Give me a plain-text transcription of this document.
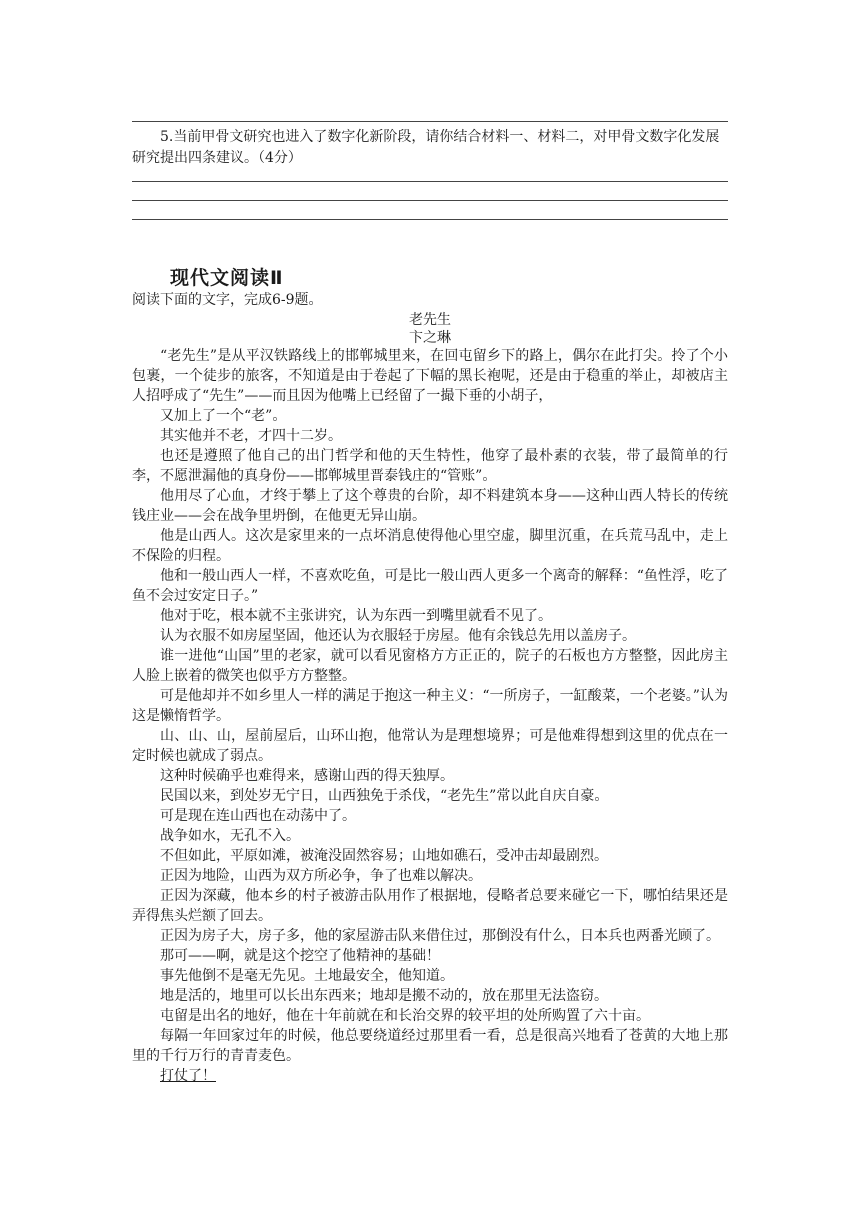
5.当前甲骨文研究也进入了数字化新阶段，请你结合材料一、材料二，对甲骨文数字化发展研究提出四条建议。（4分）

现代文阅读Ⅱ

阅读下面的文字，完成6-9题。

老先生

卞之琳

“老先生”是从平汉铁路线上的邯郸城里来，在回屯留乡下的路上，偶尔在此打尖。拎了个小包裹，一个徒步的旅客，不知道是由于卷起了下幅的黑长袍呢，还是由于稳重的举止，却被店主人招呼成了“先生”——而且因为他嘴上已经留了一撮下垂的小胡子，

又加上了一个“老”。

其实他并不老，才四十二岁。

也还是遵照了他自己的出门哲学和他的天生特性，他穿了最朴素的衣装，带了最简单的行李，不愿泄漏他的真身份——邯郸城里晋泰钱庄的“管账”。

他用尽了心血，才终于攀上了这个尊贵的台阶，却不料建筑本身——这种山西人特长的传统钱庄业——会在战争里坍倒，在他更无异山崩。

他是山西人。这次是家里来的一点坏消息使得他心里空虚，脚里沉重，在兵荒马乱中，走上不保险的归程。

他和一般山西人一样，不喜欢吃鱼，可是比一般山西人更多一个离奇的解释：“鱼性浮，吃了鱼不会过安定日子。”

他对于吃，根本就不主张讲究，认为东西一到嘴里就看不见了。

认为衣服不如房屋坚固，他还认为衣服轻于房屋。他有余钱总先用以盖房子。

谁一进他“山国”里的老家，就可以看见窗格方方正正的，院子的石板也方方整整，因此房主人脸上嵌着的微笑也似乎方方整整。

可是他却并不如乡里人一样的满足于抱这一种主义：“一所房子，一缸酸菜，一个老婆。”认为这是懒惰哲学。

山、山、山，屋前屋后，山环山抱，他常认为是理想境界；可是他难得想到这里的优点在一定时候也就成了弱点。

这种时候确乎也难得来，感谢山西的得天独厚。

民国以来，到处岁无宁日，山西独免于杀伐，“老先生”常以此自庆自豪。

可是现在连山西也在动荡中了。

战争如水，无孔不入。

不但如此，平原如滩，被淹没固然容易；山地如礁石，受冲击却最剧烈。

正因为地险，山西为双方所必争，争了也难以解决。

正因为深藏，他本乡的村子被游击队用作了根据地，侵略者总要来碰它一下，哪怕结果还是弄得焦头烂额了回去。

正因为房子大，房子多，他的家屋游击队来借住过，那倒没有什么，日本兵也两番光顾了。

那可——啊，就是这个挖空了他精神的基础！

事先他倒不是毫无先见。土地最安全，他知道。

地是活的，地里可以长出东西来；地却是搬不动的，放在那里无法盗窃。

屯留是出名的地好，他在十年前就在和长治交界的较平坦的处所购置了六十亩。

每隔一年回家过年的时候，他总要绕道经过那里看一看，总是很高兴地看了苍黄的大地上那里的千行万行的青青麦色。

打仗了！
